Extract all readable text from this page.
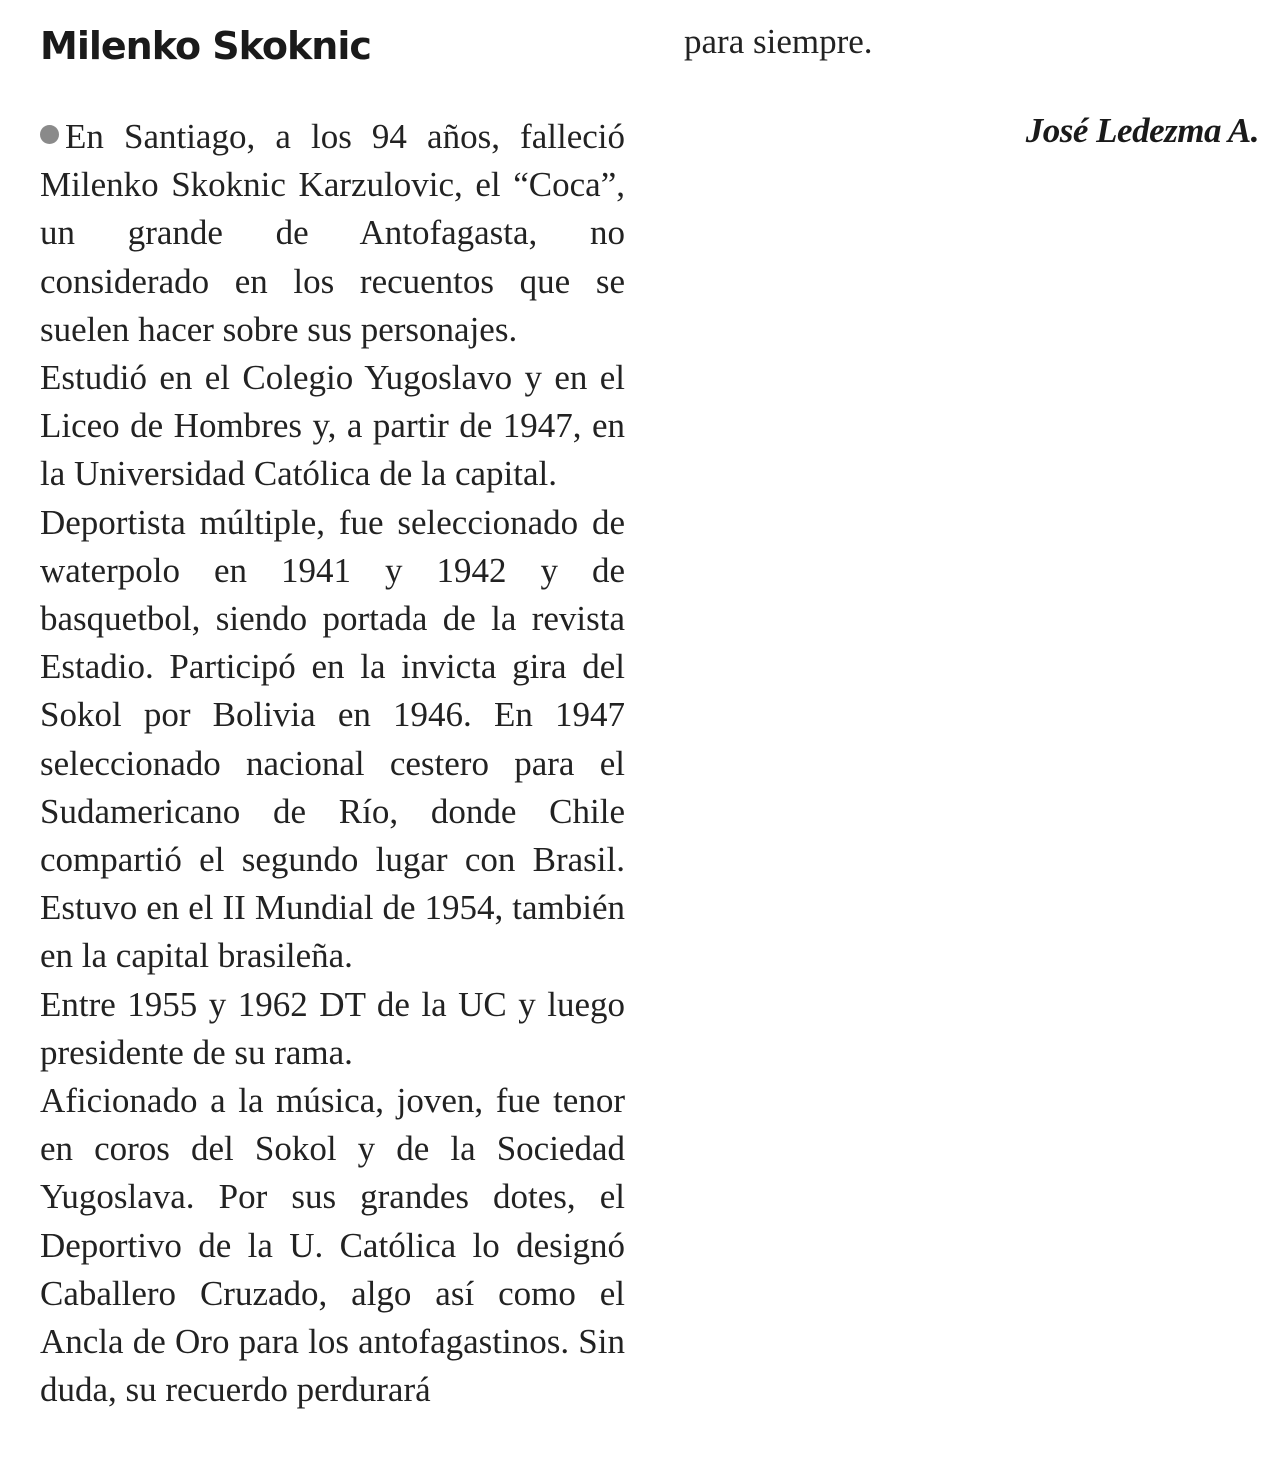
Milenko Skoknic
En Santiago, a los 94 años, falleció Milenko Skoknic Karzulovic, el “Coca”, un grande de Antofagasta, no considerado en los recuentos que se suelen hacer sobre sus personajes.
Estudió en el Colegio Yugoslavo y en el Liceo de Hombres y, a partir de 1947, en la Universidad Católica de la capital.
Deportista múltiple, fue seleccionado de waterpolo en 1941 y 1942 y de basquetbol, siendo portada de la revista Estadio. Participó en la invicta gira del Sokol por Bolivia en 1946. En 1947 seleccionado nacional cestero para el Sudamericano de Río, donde Chile compartió el segundo lugar con Brasil. Estuvo en el II Mundial de 1954, también en la capital brasileña.
Entre 1955 y 1962 DT de la UC y luego presidente de su rama.
Aficionado a la música, joven, fue tenor en coros del Sokol y de la Sociedad Yugoslava. Por sus grandes dotes, el Deportivo de la U. Católica lo designó Caballero Cruzado, algo así como el Ancla de Oro para los antofagastinos. Sin duda, su recuerdo perdurará

para siempre.

José Ledezma A.
